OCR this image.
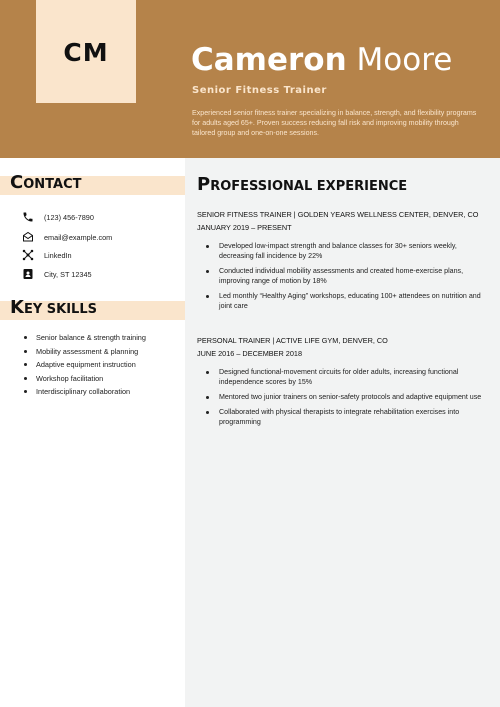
CM	Cameron Moore
Senior Fitness Trainer
Experienced senior fitness trainer specializing in balance, strength, and flexibility programs for adults aged 65+. Proven success reducing fall risk and improving mobility through tailored group and one-on-one sessions.
CONTACT
(123) 456-7890
email@example.com
LinkedIn
City, ST 12345
KEY SKILLS
Senior balance & strength training
Mobility assessment & planning
Adaptive equipment instruction
Workshop facilitation
Interdisciplinary collaboration
PROFESSIONAL EXPERIENCE
SENIOR FITNESS TRAINER | GOLDEN YEARS WELLNESS CENTER, DENVER, CO
JANUARY 2019 – PRESENT
Developed low-impact strength and balance classes for 30+ seniors weekly, decreasing fall incidence by 22%
Conducted individual mobility assessments and created home-exercise plans, improving range of motion by 18%
Led monthly “Healthy Aging” workshops, educating 100+ attendees on nutrition and joint care
PERSONAL TRAINER | ACTIVE LIFE GYM, DENVER, CO
JUNE 2016 – DECEMBER 2018
Designed functional-movement circuits for older adults, increasing functional independence scores by 15%
Mentored two junior trainers on senior-safety protocols and adaptive equipment use
Collaborated with physical therapists to integrate rehabilitation exercises into programming
